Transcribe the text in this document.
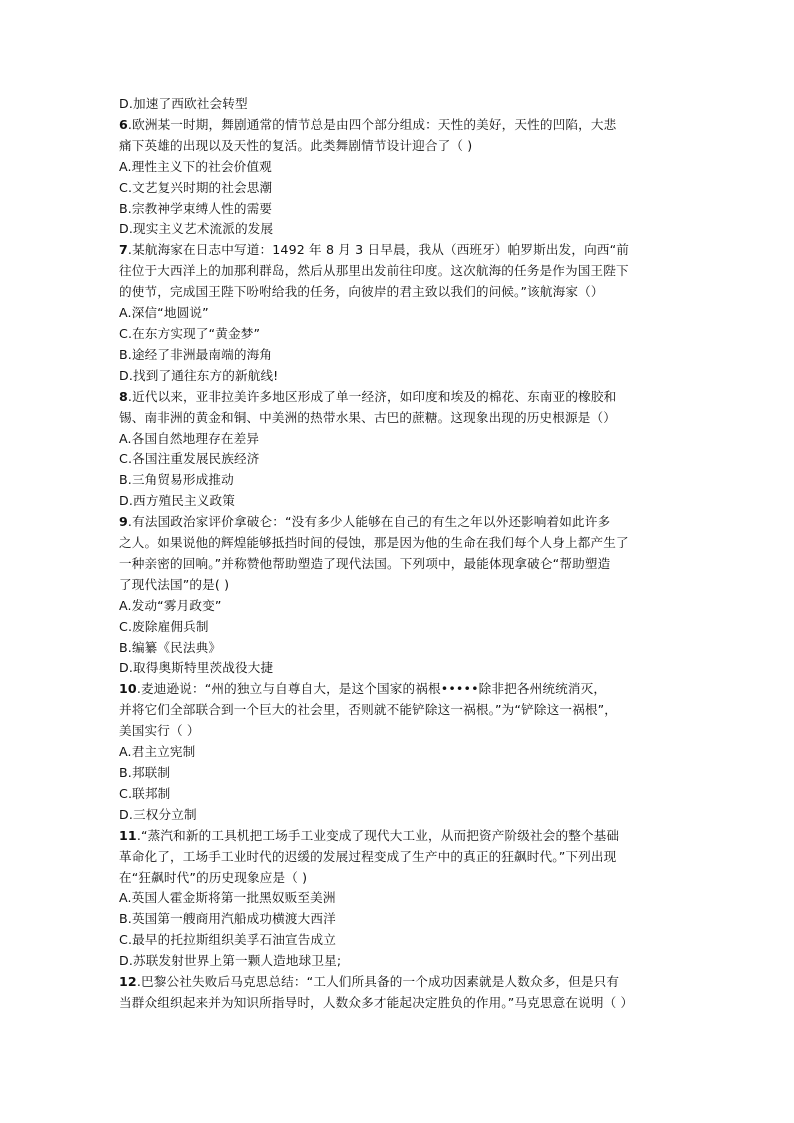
D.加速了西欧社会转型
6.欧洲某一时期，舞剧通常的情节总是由四个部分组成：天性的美好，天性的凹陷，大悲
痛下英雄的出现以及天性的复活。此类舞剧情节设计迎合了（ )
A.理性主义下的社会价值观
C.文艺复兴时期的社会思潮
B.宗教神学束缚人性的需要
D.现实主义艺术流派的发展
7.某航海家在日志中写道：1492 年 8 月 3 日早晨，我从（西班牙）帕罗斯出发，向西“前
往位于大西洋上的加那利群岛，然后从那里出发前往印度。这次航海的任务是作为国王陛下
的使节，完成国王陛下吩咐给我的任务，向彼岸的君主致以我们的问候。”该航海家（）
A.深信“地圆说”
C.在东方实现了“黄金梦”
B.途经了非洲最南端的海角
D.找到了通往东方的新航线!
8.近代以来，亚非拉美许多地区形成了单一经济，如印度和埃及的棉花、东南亚的橡胶和
锡、南非洲的黄金和铜、中美洲的热带水果、古巴的蔗糖。这现象出现的历史根源是（）
A.各国自然地理存在差异
C.各国注重发展民族经济
B.三角贸易形成推动
D.西方殖民主义政策
9.有法国政治家评价拿破仑：“没有多少人能够在自己的有生之年以外还影响着如此许多
之人。如果说他的辉煌能够抵挡时间的侵蚀，那是因为他的生命在我们每个人身上都产生了
一种亲密的回响。”并称赞他帮助塑造了现代法国。下列项中，最能体现拿破仑“帮助塑造
了现代法国”的是( )
A.发动“雾月政变”
C.废除雇佣兵制
B.编纂《民法典》
D.取得奥斯特里茨战役大捷
10.麦迪逊说：“州的独立与自尊自大，是这个国家的祸根•••••除非把各州统统消灭，
并将它们全部联合到一个巨大的社会里，否则就不能铲除这一祸根。”为“铲除这一祸根”，
美国实行（ ）
A.君主立宪制
B.邦联制
C.联邦制
D.三权分立制
11.“蒸汽和新的工具机把工场手工业变成了现代大工业，从而把资产阶级社会的整个基础
革命化了，工场手工业时代的迟缓的发展过程变成了生产中的真正的狂飙时代。”下列出现
在“狂飙时代”的历史现象应是（ )
A.英国人霍金斯将第一批黑奴贩至美洲
B.英国第一艘商用汽船成功横渡大西洋
C.最早的托拉斯组织美孚石油宣告成立
D.苏联发射世界上第一颗人造地球卫星;
12.巴黎公社失败后马克思总结：“工人们所具备的一个成功因素就是人数众多，但是只有
当群众组织起来并为知识所指导时，人数众多才能起决定胜负的作用。”马克思意在说明（ ）
